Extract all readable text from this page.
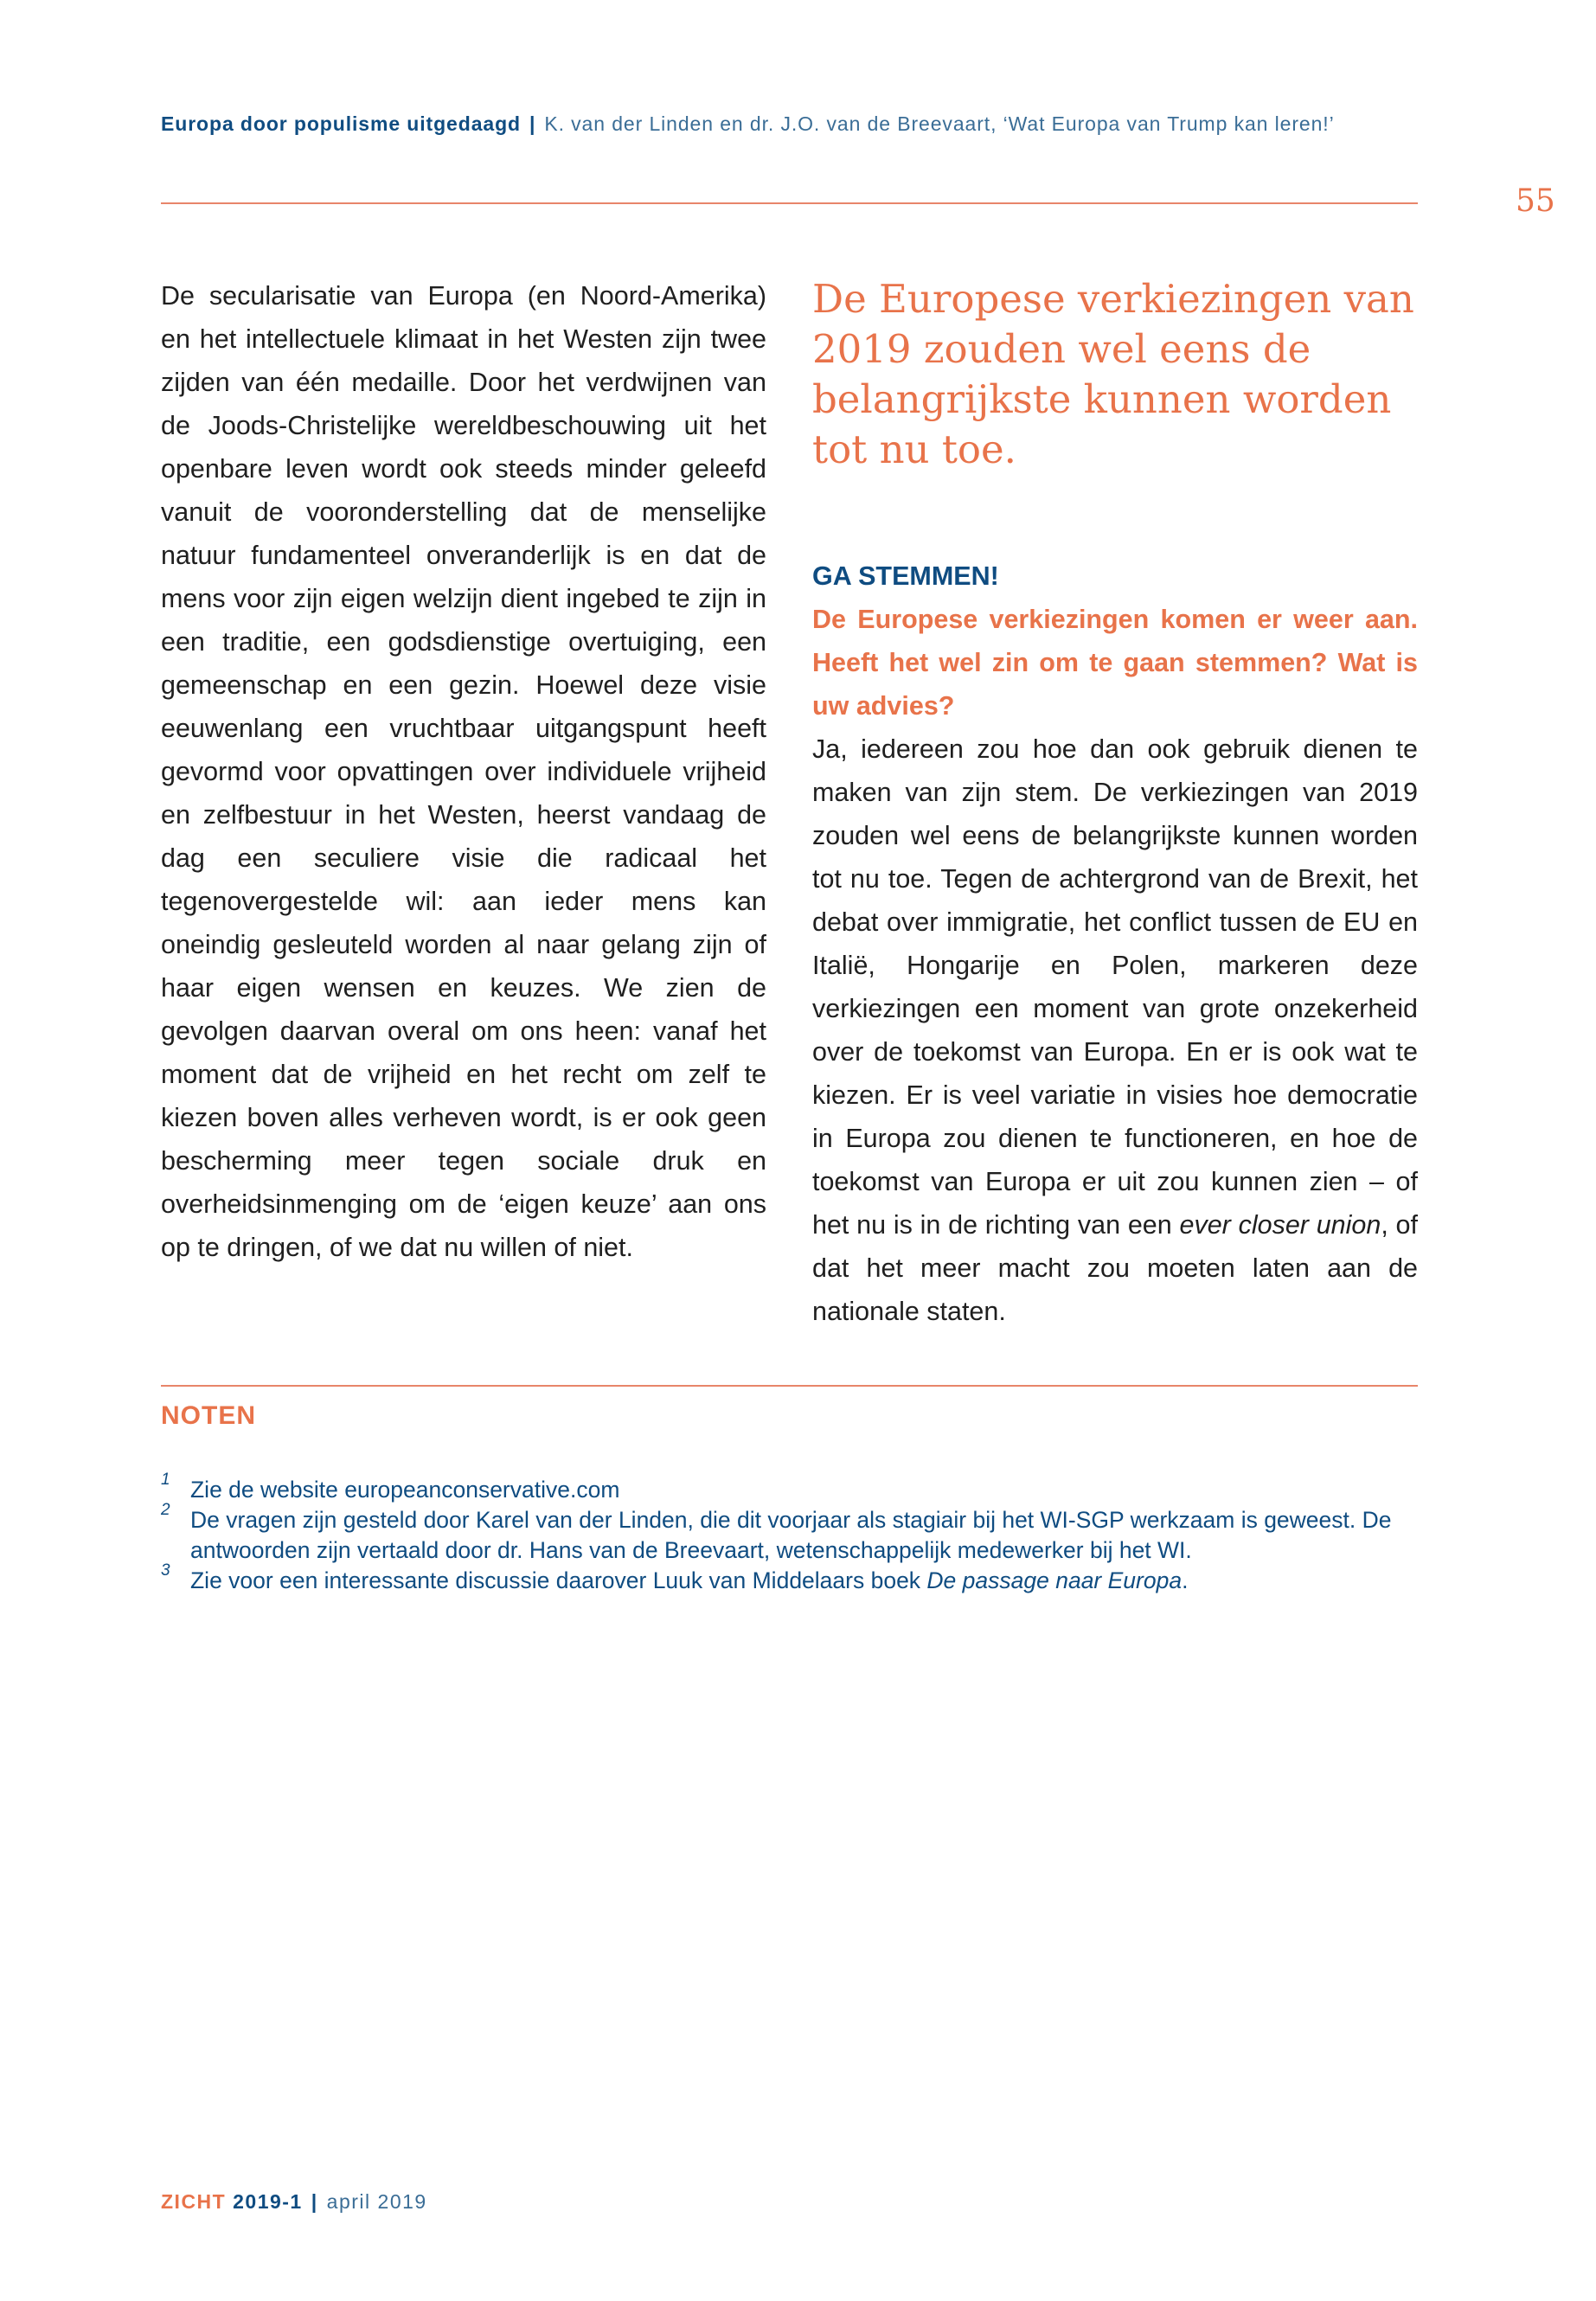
Europa door populisme uitgedaagd | K. van der Linden en dr. J.O. van de Breevaart, ‘Wat Europa van Trump kan leren!’
55

De secularisatie van Europa (en Noord-Amerika) en het intellectuele klimaat in het Westen zijn twee zijden van één medaille. Door het verdwijnen van de Joods-Christelijke wereldbeschouwing uit het openbare leven wordt ook steeds minder geleefd vanuit de vooronderstelling dat de menselijke natuur fundamenteel onveranderlijk is en dat de mens voor zijn eigen welzijn dient ingebed te zijn in een traditie, een godsdienstige overtuiging, een gemeenschap en een gezin. Hoewel deze visie eeuwenlang een vruchtbaar uitgangspunt heeft gevormd voor opvattingen over individuele vrijheid en zelfbestuur in het Westen, heerst vandaag de dag een seculiere visie die radicaal het tegenovergestelde wil: aan ieder mens kan oneindig gesleuteld worden al naar gelang zijn of haar eigen wensen en keuzes. We zien de gevolgen daarvan overal om ons heen: vanaf het moment dat de vrijheid en het recht om zelf te kiezen boven alles verheven wordt, is er ook geen bescherming meer tegen sociale druk en overheidsinmenging om de ‘eigen keuze’ aan ons op te dringen, of we dat nu willen of niet.

De Europese verkiezingen van 2019 zouden wel eens de belangrijkste kunnen worden tot nu toe.

GA STEMMEN!

De Europese verkiezingen komen er weer aan. Heeft het wel zin om te gaan stemmen? Wat is uw advies?

Ja, iedereen zou hoe dan ook gebruik dienen te maken van zijn stem. De verkiezingen van 2019 zouden wel eens de belangrijkste kunnen worden tot nu toe. Tegen de achtergrond van de Brexit, het debat over immigratie, het conflict tussen de EU en Italië, Hongarije en Polen, markeren deze verkiezingen een moment van grote onzekerheid over de toekomst van Europa. En er is ook wat te kiezen. Er is veel variatie in visies hoe democratie in Europa zou dienen te functioneren, en hoe de toekomst van Europa er uit zou kunnen zien – of het nu is in de richting van een ever closer union, of dat het meer macht zou moeten laten aan de nationale staten.

NOTEN
1 Zie de website europeanconservative.com
2 De vragen zijn gesteld door Karel van der Linden, die dit voorjaar als stagiair bij het WI-SGP werkzaam is geweest. De antwoorden zijn vertaald door dr. Hans van de Breevaart, wetenschappelijk medewerker bij het WI.
3 Zie voor een interessante discussie daarover Luuk van Middelaars boek De passage naar Europa.
ZICHT 2019-1 | april 2019
